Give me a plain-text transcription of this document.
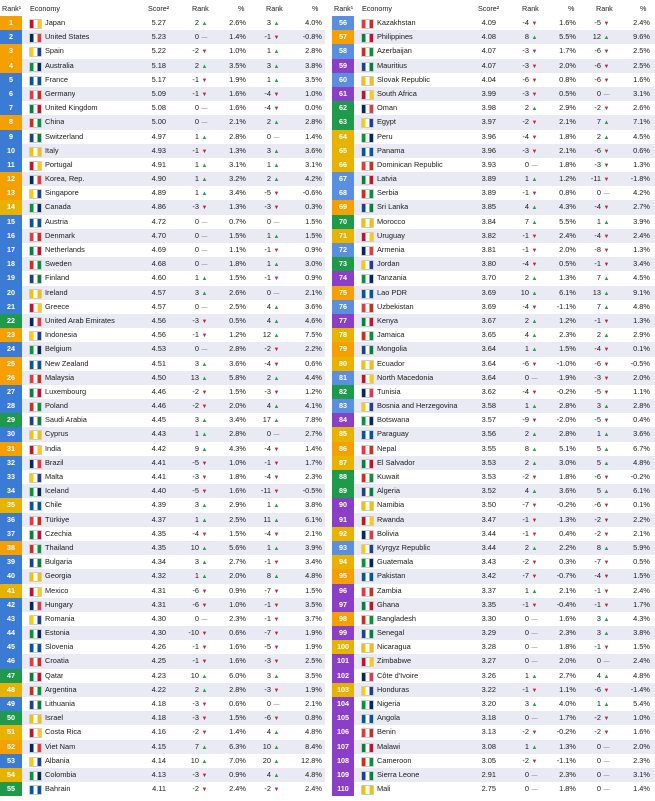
Rank¹ Economy	Score²	Rank	%	Rank	%
1	Japan	5.27	2 ▲	2.6%	3 ▲	4.0%
2	United States	5.23	0 —	1.4%	-1 ▼	-0.8%
3	Spain	5.22	-2 ▼	1.0%	1 ▲	2.8%
4	Australia	5.18	2 ▲	3.5%	3 ▲	3.8%
5	France	5.17	-1 ▼	1.9%	1 ▲	3.5%
6	Germany	5.09	-1 ▼	1.6%	-4 ▼	1.0%
7	United Kingdom	5.08	0 —	1.6%	-4 ▼	0.0%
8	China	5.00	0 —	2.1%	2 ▲	2.8%
9	Switzerland	4.97	1 ▲	2.8%	0 —	1.4%
10	Italy	4.93	-1 ▼	1.3%	3 ▲	3.6%
11	Portugal	4.91	1 ▲	3.1%	1 ▲	3.1%
12	Korea, Rep.	4.90	1 ▲	3.2%	2 ▲	4.2%
13	Singapore	4.89	1 ▲	3.4%	-5 ▼	-0.6%
14	Canada	4.86	-3 ▼	1.3%	-3 ▼	0.3%
15	Austria	4.72	0 —	0.7%	0 —	1.5%
16	Denmark	4.70	0 —	1.5%	1 ▲	1.5%
17	Netherlands	4.69	0 —	1.1%	-1 ▼	0.9%
18	Sweden	4.68	0 —	1.8%	1 ▲	3.0%
19	Finland	4.60	1 ▲	1.5%	-1 ▼	0.9%
20	Ireland	4.57	3 ▲	2.6%	0 —	2.1%
21	Greece	4.57	0 —	2.5%	4 ▲	3.6%
22	United Arab Emirates	4.56	-3 ▼	0.5%	4 ▲	4.6%
23	Indonesia	4.56	-1 ▼	1.2%	12 ▲	7.5%
24	Belgium	4.53	0 —	2.8%	-2 ▼	2.2%
25	New Zealand	4.51	3 ▲	3.6%	-4 ▼	0.6%
26	Malaysia	4.50	13 ▲	5.8%	2 ▲	4.4%
27	Luxembourg	4.46	-2 ▼	1.5%	-3 ▼	1.2%
28	Poland	4.46	-2 ▼	2.0%	4 ▲	4.1%
29	Saudi Arabia	4.45	3 ▲	3.4%	17 ▲	7.8%
30	Cyprus	4.43	1 ▲	2.8%	0 —	2.7%
31	India	4.42	9 ▲	4.3%	-4 ▼	1.4%
32	Brazil	4.41	-5 ▼	1.0%	-1 ▼	1.7%
33	Malta	4.41	-3 ▼	1.8%	-4 ▼	2.3%
34	Iceland	4.40	-5 ▼	1.6% -11 ▼	-0.5%
35	Chile	4.39	3 ▲	2.9%	1 ▲	3.8%
36	Türkiye	4.37	1 ▲	2.5%	11 ▲	6.1%
37	Czechia	4.35	-4 ▼	1.5%	-4 ▼	2.1%
38	Thailand	4.35	10 ▲	5.6%	1 ▲	3.9%
39	Bulgaria	4.34	3 ▲	2.7%	-1 ▼	3.4%
40	Georgia	4.32	1 ▲	2.0%	8 ▲	4.8%
41	Mexico	4.31	-6 ▼	0.9%	-7 ▼	1.5%
42	Hungary	4.31	-6 ▼	1.0%	-1 ▼	3.5%
43	Romania	4.30	0 —	2.3%	-1 ▼	3.7%
44	Estonia	4.30	-10 ▼	0.6%	-7 ▼	1.9%
45	Slovenia	4.26	-1 ▼	1.6%	-5 ▼	1.9%
46	Croatia	4.25	-1 ▼	1.6%	-3 ▼	2.5%
47	Qatar	4.23	10 ▲	6.0%	3 ▲	3.5%
48	Argentina	4.22	2 ▲	2.8%	-3 ▼	1.9%
49	Lithuania	4.18	-3 ▼	0.6%	0 —	2.1%
50	Israel	4.18	-3 ▼	1.5%	-6 ▼	0.8%
51	Costa Rica	4.16	-2 ▼	1.4%	4 ▲	4.8%
52	Viet Nam	4.15	7 ▲	6.3%	10 ▲	8.4%
53	Albania	4.14	10 ▲	7.0%	20 ▲	12.8%
54	Colombia	4.13	-3 ▼	0.9%	4 ▲	4.8%
55	Bahrain	4.11	-2 ▼	2.4%	-2 ▼	2.4%
Rank¹ Economy	Score²	Rank	%	Rank	%
56	Kazakhstan	4.09	-4 ▼	1.6%	-5 ▼	2.4%
57	Philippines	4.08	8 ▲	5.5%	12 ▲	9.6%
58	Azerbaijan	4.07	-3 ▼	1.7%	-6 ▼	2.5%
59	Mauritius	4.07	-3 ▼	2.0%	-6 ▼	2.5%
60	Slovak Republic	4.04	-6 ▼	0.8%	-6 ▼	1.6%
61	South Africa	3.99	-3 ▼	0.5%	0 —	3.1%
62	Oman	3.98	2 ▲	2.9%	-2 ▼	2.6%
63	Egypt	3.97	-2 ▼	2.1%	7 ▲	7.1%
64	Peru	3.96	-4 ▼	1.8%	2 ▲	4.5%
65	Panama	3.96	-3 ▼	2.1%	-6 ▼	0.6%
66	Dominican Republic	3.93	0 —	1.8%	-3 ▼	1.3%
67	Latvia	3.89	1 ▲	1.2% -11 ▼	-1.8%
68	Serbia	3.89	-1 ▼	0.8%	0 —	4.2%
69	Sri Lanka	3.85	4 ▲	4.3%	-4 ▼	2.7%
70	Morocco	3.84	7 ▲	5.5%	1 ▲	3.9%
71	Uruguay	3.82	-1 ▼	2.4%	-4 ▼	2.4%
72	Armenia	3.81	-1 ▼	2.0%	-8 ▼	1.3%
73	Jordan	3.80	-4 ▼	0.5%	-1 ▼	3.4%
74	Tanzania	3.70	2 ▲	1.3%	7 ▲	4.5%
75	Lao PDR	3.69	10 ▲	6.1%	13 ▲	9.1%
76	Uzbekistan	3.69	-4 ▼	-1.1%	7 ▲	4.8%
77	Kenya	3.67	2 ▲	1.2%	-1 ▼	1.3%
78	Jamaica	3.65	4 ▲	2.3%	2 ▲	2.9%
79	Mongolia	3.64	1 ▲	1.5%	-4 ▼	0.1%
80	Ecuador	3.64	-6 ▼	-1.0%	-6 ▼	-0.5%
81	North Macedonia	3.64	0 —	1.9%	-3 ▼	2.0%
82	Tunisia	3.62	-4 ▼	-0.2%	-5 ▼	1.1%
83	Bosnia and Herzegovina	3.58	1 ▲	2.8%	3 ▲	2.8%
84	Botswana	3.57	-9 ▼	-2.0%	-5 ▼	0.4%
85	Paraguay	3.56	2 ▲	2.8%	1 ▲	3.6%
86	Nepal	3.55	8 ▲	5.1%	5 ▲	6.7%
87	El Salvador	3.53	2 ▲	3.0%	5 ▲	4.8%
88	Kuwait	3.53	-2 ▼	1.8%	-6 ▼	-0.2%
89	Algeria	3.52	4 ▲	3.6%	5 ▲	6.1%
90	Namibia	3.50	-7 ▼	-0.2%	-6 ▼	0.1%
91	Rwanda	3.47	-1 ▼	1.3%	-2 ▼	2.2%
92	Bolivia	3.44	-1 ▼	0.4%	-2 ▼	2.1%
93	Kyrgyz Republic	3.44	2 ▲	2.2%	8 ▲	5.9%
94	Guatemala	3.43	-2 ▼	0.3%	-7 ▼	0.5%
95	Pakistan	3.42	-7 ▼	-0.7%	-4 ▼	1.5%
96	Zambia	3.37	1 ▲	2.1%	-1 ▼	2.4%
97	Ghana	3.35	-1 ▼	-0.4%	-1 ▼	1.7%
98	Bangladesh	3.30	0 —	1.6%	3 ▲	4.3%
99	Senegal	3.29	0 —	2.3%	3 ▲	3.8%
100	Nicaragua	3.28	0 —	1.8%	-1 ▼	1.5%
101	Zimbabwe	3.27	0 —	2.0%	0 —	2.4%
102	Côte d'Ivoire	3.26	1 ▲	2.7%	4 ▲	4.8%
103	Honduras	3.22	-1 ▼	1.1%	-6 ▼	-1.4%
104	Nigeria	3.20	3 ▲	4.0%	1 ▲	5.4%
105	Angola	3.18	0 —	1.7%	-2 ▼	1.0%
106	Benin	3.13	-2 ▼	-0.2%	-2 ▼	1.6%
107	Malawi	3.08	1 ▲	1.3%	0 —	2.0%
108	Cameroon	3.05	-2 ▼	-1.1%	0 —	2.3%
109	Sierra Leone	2.91	0 —	2.3%	0 —	3.1%
110	Mali	2.75	0 —	1.8%	0 —	1.4%
